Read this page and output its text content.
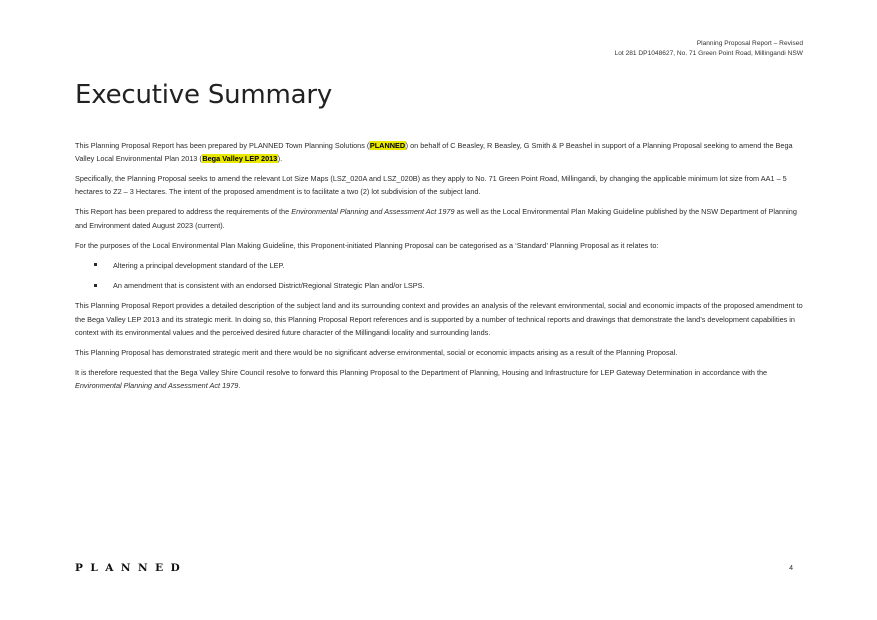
Planning Proposal Report – Revised
Lot 281 DP1048627, No. 71 Green Point Road, Millingandi NSW
Executive Summary

This Planning Proposal Report has been prepared by PLANNED Town Planning Solutions (PLANNED) on behalf of C Beasley, R Beasley, G Smith & P Beashel in support of a Planning Proposal seeking to amend the Bega Valley Local Environmental Plan 2013 (Bega Valley LEP 2013).

Specifically, the Planning Proposal seeks to amend the relevant Lot Size Maps (LSZ_020A and LSZ_020B) as they apply to No. 71 Green Point Road, Millingandi, by changing the applicable minimum lot size from AA1 – 5 hectares to Z2 – 3 Hectares. The intent of the proposed amendment is to facilitate a two (2) lot subdivision of the subject land.

This Report has been prepared to address the requirements of the Environmental Planning and Assessment Act 1979 as well as the Local Environmental Plan Making Guideline published by the NSW Department of Planning and Environment dated August 2023 (current).

For the purposes of the Local Environmental Plan Making Guideline, this Proponent-initiated Planning Proposal can be categorised as a ‘Standard’ Planning Proposal as it relates to:

Altering a principal development standard of the LEP.
An amendment that is consistent with an endorsed District/Regional Strategic Plan and/or LSPS.

This Planning Proposal Report provides a detailed description of the subject land and its surrounding context and provides an analysis of the relevant environmental, social and economic impacts of the proposed amendment to the Bega Valley LEP 2013 and its strategic merit. In doing so, this Planning Proposal Report references and is supported by a number of technical reports and drawings that demonstrate the land’s development capabilities in context with its environmental values and the perceived desired future character of the Millingandi locality and surrounding lands.

This Planning Proposal has demonstrated strategic merit and there would be no significant adverse environmental, social or economic impacts arising as a result of the Planning Proposal.

It is therefore requested that the Bega Valley Shire Council resolve to forward this Planning Proposal to the Department of Planning, Housing and Infrastructure for LEP Gateway Determination in accordance with the Environmental Planning and Assessment Act 1979.

PLANNED	4
